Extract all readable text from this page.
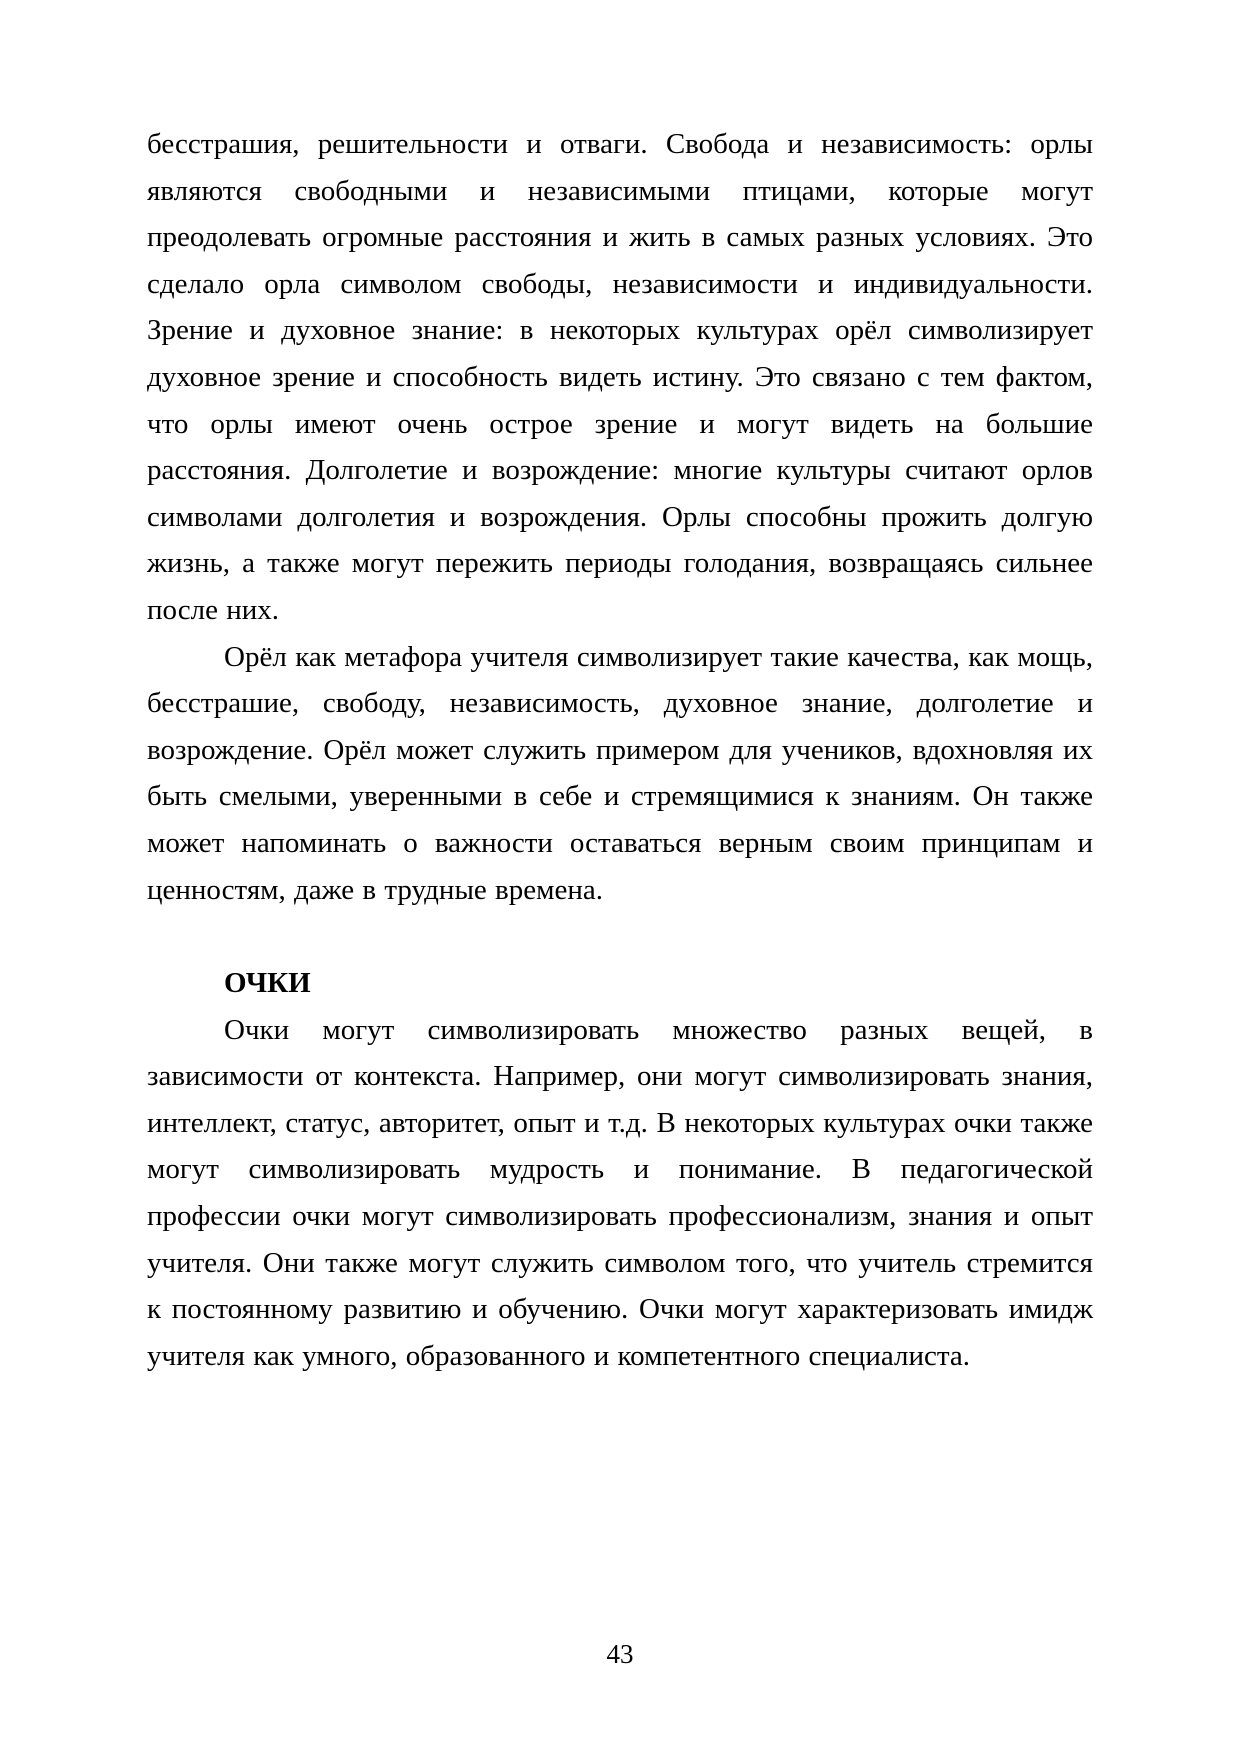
бесстрашия, решительности и отваги. Свобода и независимость: орлы являются свободными и независимыми птицами, которые могут преодолевать огромные расстояния и жить в самых разных условиях. Это сделало орла символом свободы, независимости и индивидуальности. Зрение и духовное знание: в некоторых культурах орёл символизирует духовное зрение и способность видеть истину. Это связано с тем фактом, что орлы имеют очень острое зрение и могут видеть на большие расстояния. Долголетие и возрождение: многие культуры считают орлов символами долголетия и возрождения. Орлы способны прожить долгую жизнь, а также могут пережить периоды голодания, возвращаясь сильнее после них.

Орёл как метафора учителя символизирует такие качества, как мощь, бесстрашие, свободу, независимость, духовное знание, долголетие и возрождение. Орёл может служить примером для учеников, вдохновляя их быть смелыми, уверенными в себе и стремящимися к знаниям. Он также может напоминать о важности оставаться верным своим принципам и ценностям, даже в трудные времена.

ОЧКИ

Очки могут символизировать множество разных вещей, в зависимости от контекста. Например, они могут символизировать знания, интеллект, статус, авторитет, опыт и т.д. В некоторых культурах очки также могут символизировать мудрость и понимание. В педагогической профессии очки могут символизировать профессионализм, знания и опыт учителя. Они также могут служить символом того, что учитель стремится к постоянному развитию и обучению. Очки могут характеризовать имидж учителя как умного, образованного и компетентного специалиста.

43
